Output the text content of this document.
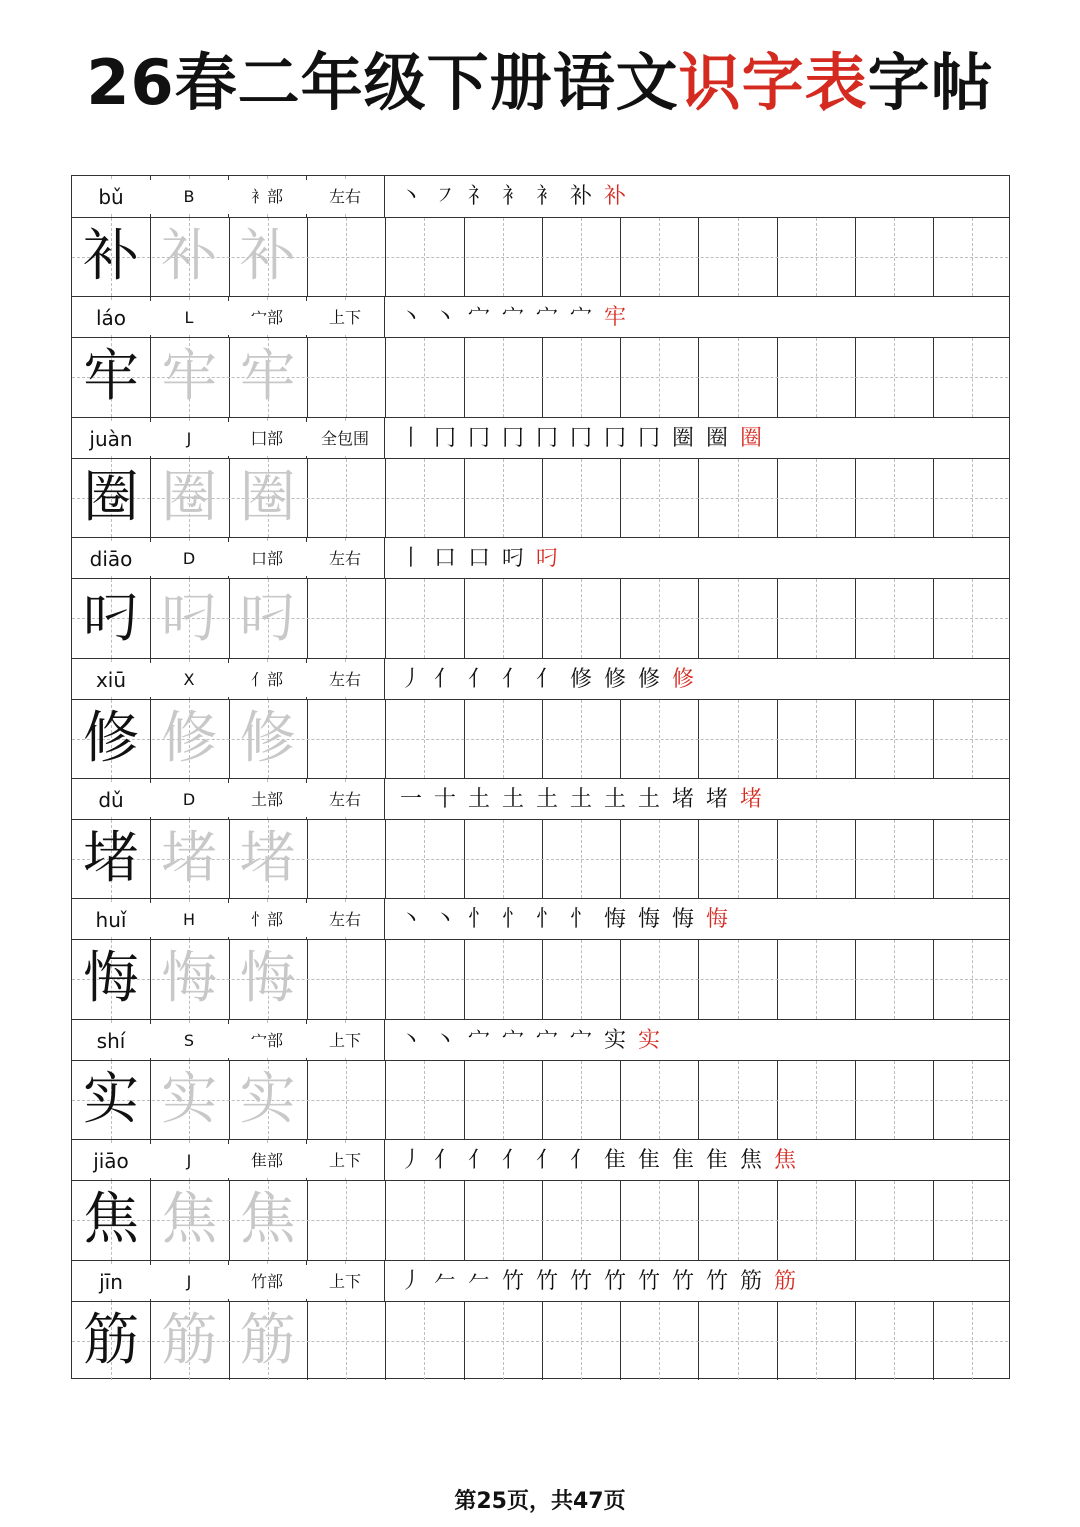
26春二年级下册语文识字表字帖
bǔ	B	衤部	左右	丶 ㇇ 礻 衤 衤 补 补
补 补 补
láo	L	宀部	上下	丶 丶 宀 宀 宀 宀 牢
牢 牢 牢
juàn	J	囗部	全包围	丨 冂 冂 冂 冂 冂 冂 冂 圈 圈 圈
圈 圈 圈
diāo	D	口部	左右	丨 口 口 叼 叼
叼 叼 叼
xiū	X	亻部	左右	丿 亻 亻 亻 亻 修 修 修 修
修 修 修
dǔ	D	土部	左右	一 十 土 土 土 土 土 土 堵 堵 堵
堵 堵 堵
huǐ	H	忄部	左右	丶 丶 忄 忄 忄 忄 悔 悔 悔 悔
悔 悔 悔
shí	S	宀部	上下	丶 丶 宀 宀 宀 宀 实 实
实 实 实
jiāo	J	隹部	上下	丿 亻 亻 亻 亻 亻 隹 隹 隹 隹 焦 焦
焦 焦 焦
jīn	J	竹部	上下	丿 𠂉 𠂉 竹 竹 竹 竹 竹 竹 竹 筋 筋
筋 筋 筋
第25页，共47页
